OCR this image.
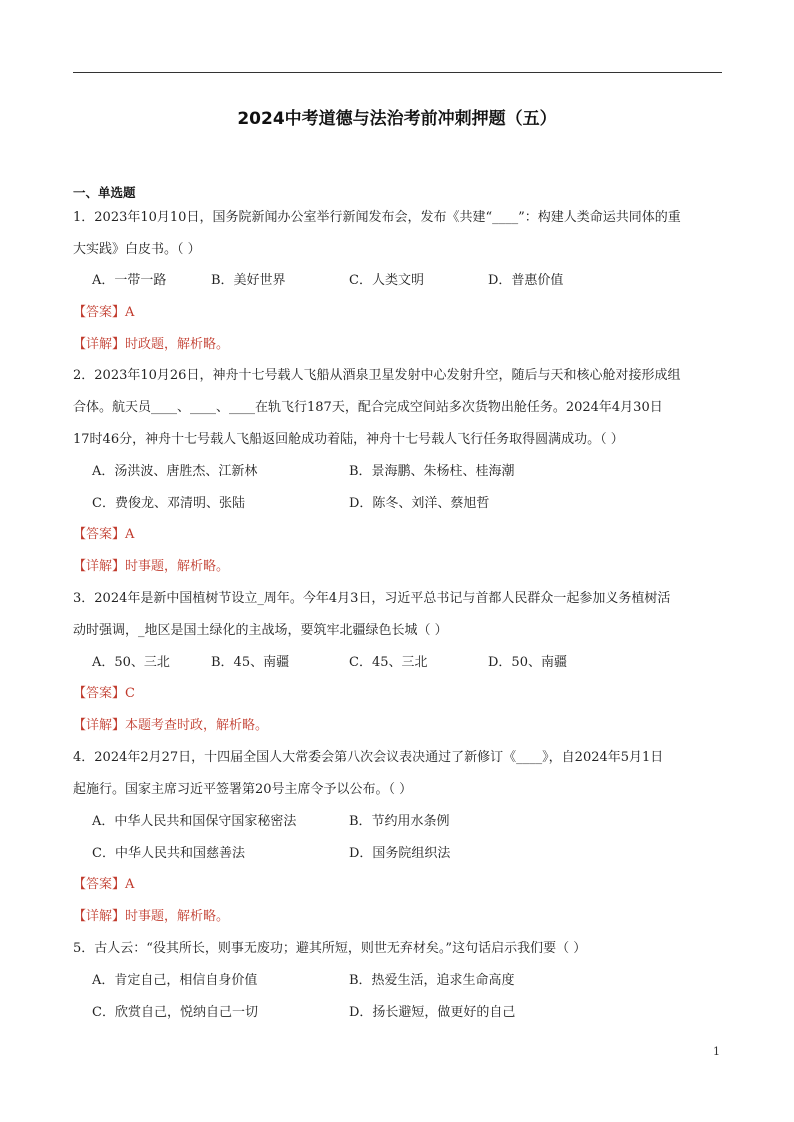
2024中考道德与法治考前冲刺押题（五）
一、单选题
1．2023年10月10日，国务院新闻办公室举行新闻发布会，发布《共建“____”：构建人类命运共同体的重
大实践》白皮书。（ ）
A．一带一路	B．美好世界	C．人类文明	D．普惠价值
【答案】A
【详解】时政题，解析略。
2．2023年10月26日，神舟十七号载人飞船从酒泉卫星发射中心发射升空，随后与天和核心舱对接形成组
合体。航天员____、____、____在轨飞行187天，配合完成空间站多次货物出舱任务。2024年4月30日
17时46分，神舟十七号载人飞船返回舱成功着陆，神舟十七号载人飞行任务取得圆满成功。（ ）
A．汤洪波、唐胜杰、江新林	B．景海鹏、朱杨柱、桂海潮
C．费俊龙、邓清明、张陆	D．陈冬、刘洋、蔡旭哲
【答案】A
【详解】时事题，解析略。
3．2024年是新中国植树节设立_周年。今年4月3日，习近平总书记与首都人民群众一起参加义务植树活
动时强调，_地区是国土绿化的主战场，要筑牢北疆绿色长城（ ）
A．50、三北	B．45、南疆	C．45、三北	D．50、南疆
【答案】C
【详解】本题考查时政，解析略。
4．2024年2月27日，十四届全国人大常委会第八次会议表决通过了新修订《____》，自2024年5月1日
起施行。国家主席习近平签署第20号主席令予以公布。（ ）
A．中华人民共和国保守国家秘密法	B．节约用水条例
C．中华人民共和国慈善法	D．国务院组织法
【答案】A
【详解】时事题，解析略。
5．古人云：“役其所长，则事无废功；避其所短，则世无弃材矣。”这句话启示我们要（ ）
A．肯定自己，相信自身价值	B．热爱生活，追求生命高度
C．欣赏自己，悦纳自己一切	D．扬长避短，做更好的自己
1
